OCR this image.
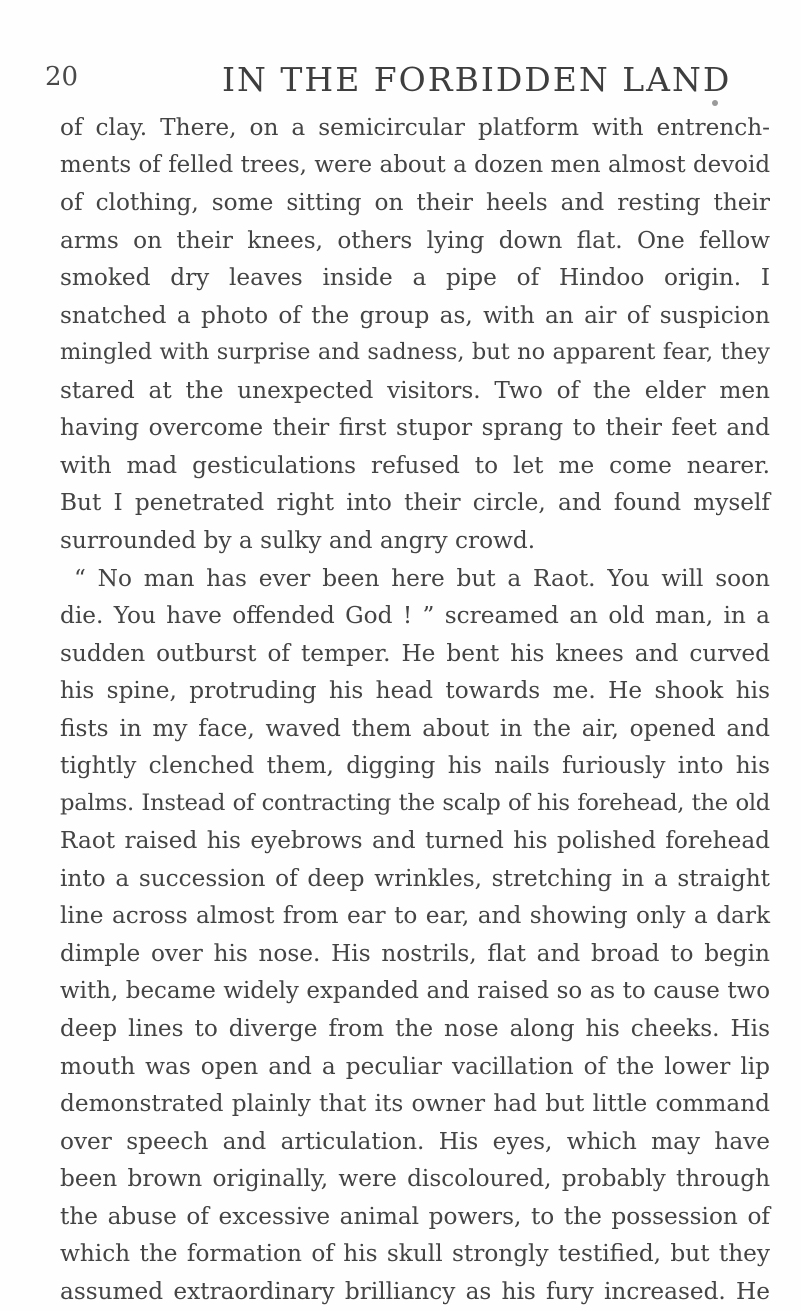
20	IN THE FORBIDDEN LAND
of clay. There, on a semicircular platform with entrench-
ments of felled trees, were about a dozen men almost devoid
of clothing, some sitting on their heels and resting their
arms on their knees, others lying down flat. One fellow
smoked dry leaves inside a pipe of Hindoo origin. I
snatched a photo of the group as, with an air of suspicion
mingled with surprise and sadness, but no apparent fear, they
stared at the unexpected visitors. Two of the elder men
having overcome their first stupor sprang to their feet and
with mad gesticulations refused to let me come nearer.
But I penetrated right into their circle, and found myself
surrounded by a sulky and angry crowd.
“ No man has ever been here but a Raot. You will soon
die. You have offended God ! ” screamed an old man, in a
sudden outburst of temper. He bent his knees and curved
his spine, protruding his head towards me. He shook his
fists in my face, waved them about in the air, opened and
tightly clenched them, digging his nails furiously into his
palms. Instead of contracting the scalp of his forehead, the old
Raot raised his eyebrows and turned his polished forehead
into a succession of deep wrinkles, stretching in a straight
line across almost from ear to ear, and showing only a dark
dimple over his nose. His nostrils, flat and broad to begin
with, became widely expanded and raised so as to cause two
deep lines to diverge from the nose along his cheeks. His
mouth was open and a peculiar vacillation of the lower lip
demonstrated plainly that its owner had but little command
over speech and articulation. His eyes, which may have
been brown originally, were discoloured, probably through
the abuse of excessive animal powers, to the possession of
which the formation of his skull strongly testified, but they
assumed extraordinary brilliancy as his fury increased. He
